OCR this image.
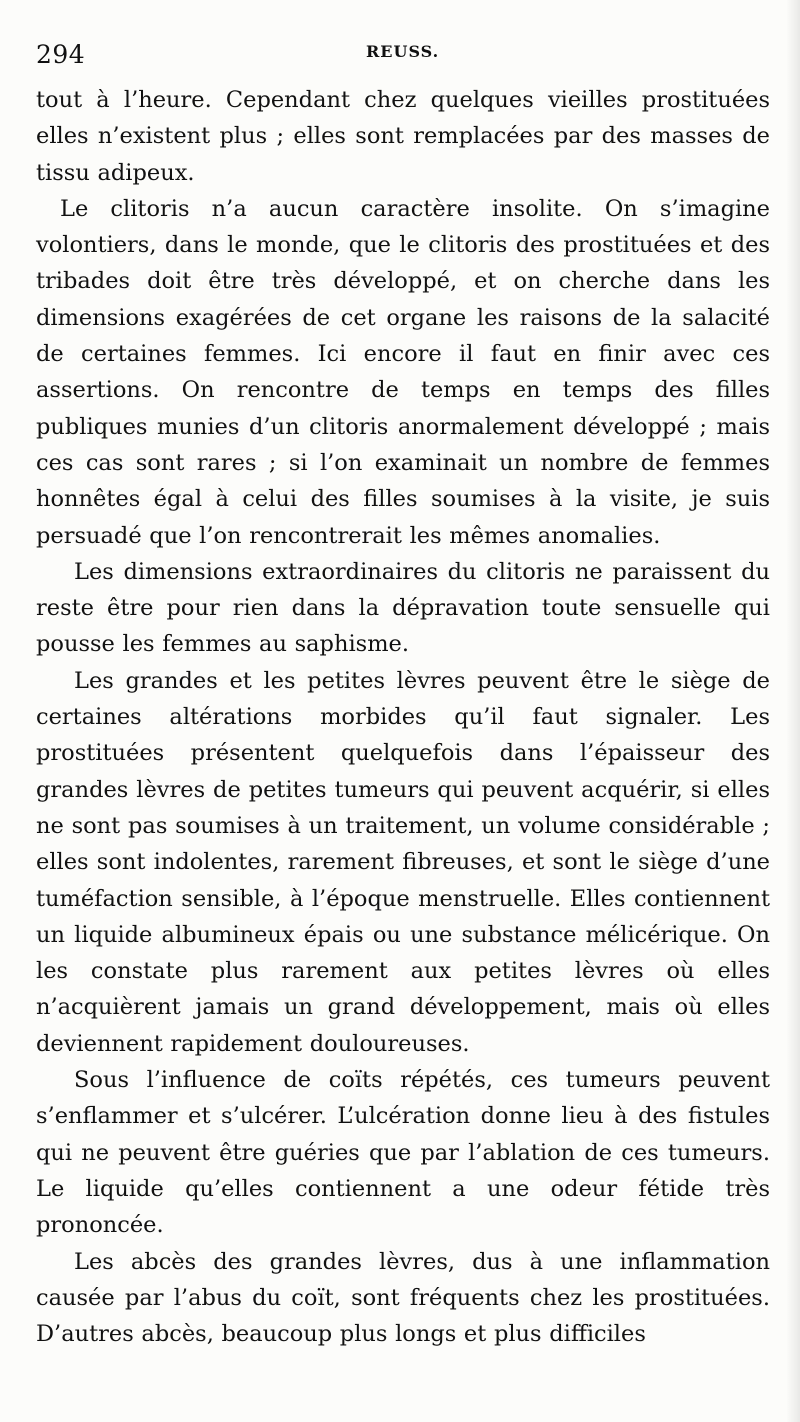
294	REUSS.

tout à l’heure. Cependant chez quelques vieilles prostituées elles n’existent plus ; elles sont remplacées par des masses de tissu adipeux.

Le clitoris n’a aucun caractère insolite. On s’imagine volontiers, dans le monde, que le clitoris des prostituées et des tribades doit être très développé, et on cherche dans les dimensions exagérées de cet organe les raisons de la salacité de certaines femmes. Ici encore il faut en finir avec ces assertions. On rencontre de temps en temps des filles publiques munies d’un clitoris anormalement développé ; mais ces cas sont rares ; si l’on examinait un nombre de femmes honnêtes égal à celui des filles soumises à la visite, je suis persuadé que l’on rencontrerait les mêmes anomalies.

Les dimensions extraordinaires du clitoris ne paraissent du reste être pour rien dans la dépravation toute sensuelle qui pousse les femmes au saphisme.

Les grandes et les petites lèvres peuvent être le siège de certaines altérations morbides qu’il faut signaler. Les prostituées présentent quelquefois dans l’épaisseur des grandes lèvres de petites tumeurs qui peuvent acquérir, si elles ne sont pas soumises à un traitement, un volume considérable ; elles sont indolentes, rarement fibreuses, et sont le siège d’une tuméfaction sensible, à l’époque menstruelle. Elles contiennent un liquide albumineux épais ou une substance mélicérique. On les constate plus rarement aux petites lèvres où elles n’acquièrent jamais un grand développement, mais où elles deviennent rapidement douloureuses.

Sous l’influence de coïts répétés, ces tumeurs peuvent s’enflammer et s’ulcérer. L’ulcération donne lieu à des fistules qui ne peuvent être guéries que par l’ablation de ces tumeurs. Le liquide qu’elles contiennent a une odeur fétide très prononcée.

Les abcès des grandes lèvres, dus à une inflammation causée par l’abus du coït, sont fréquents chez les prostituées. D’autres abcès, beaucoup plus longs et plus difficiles
